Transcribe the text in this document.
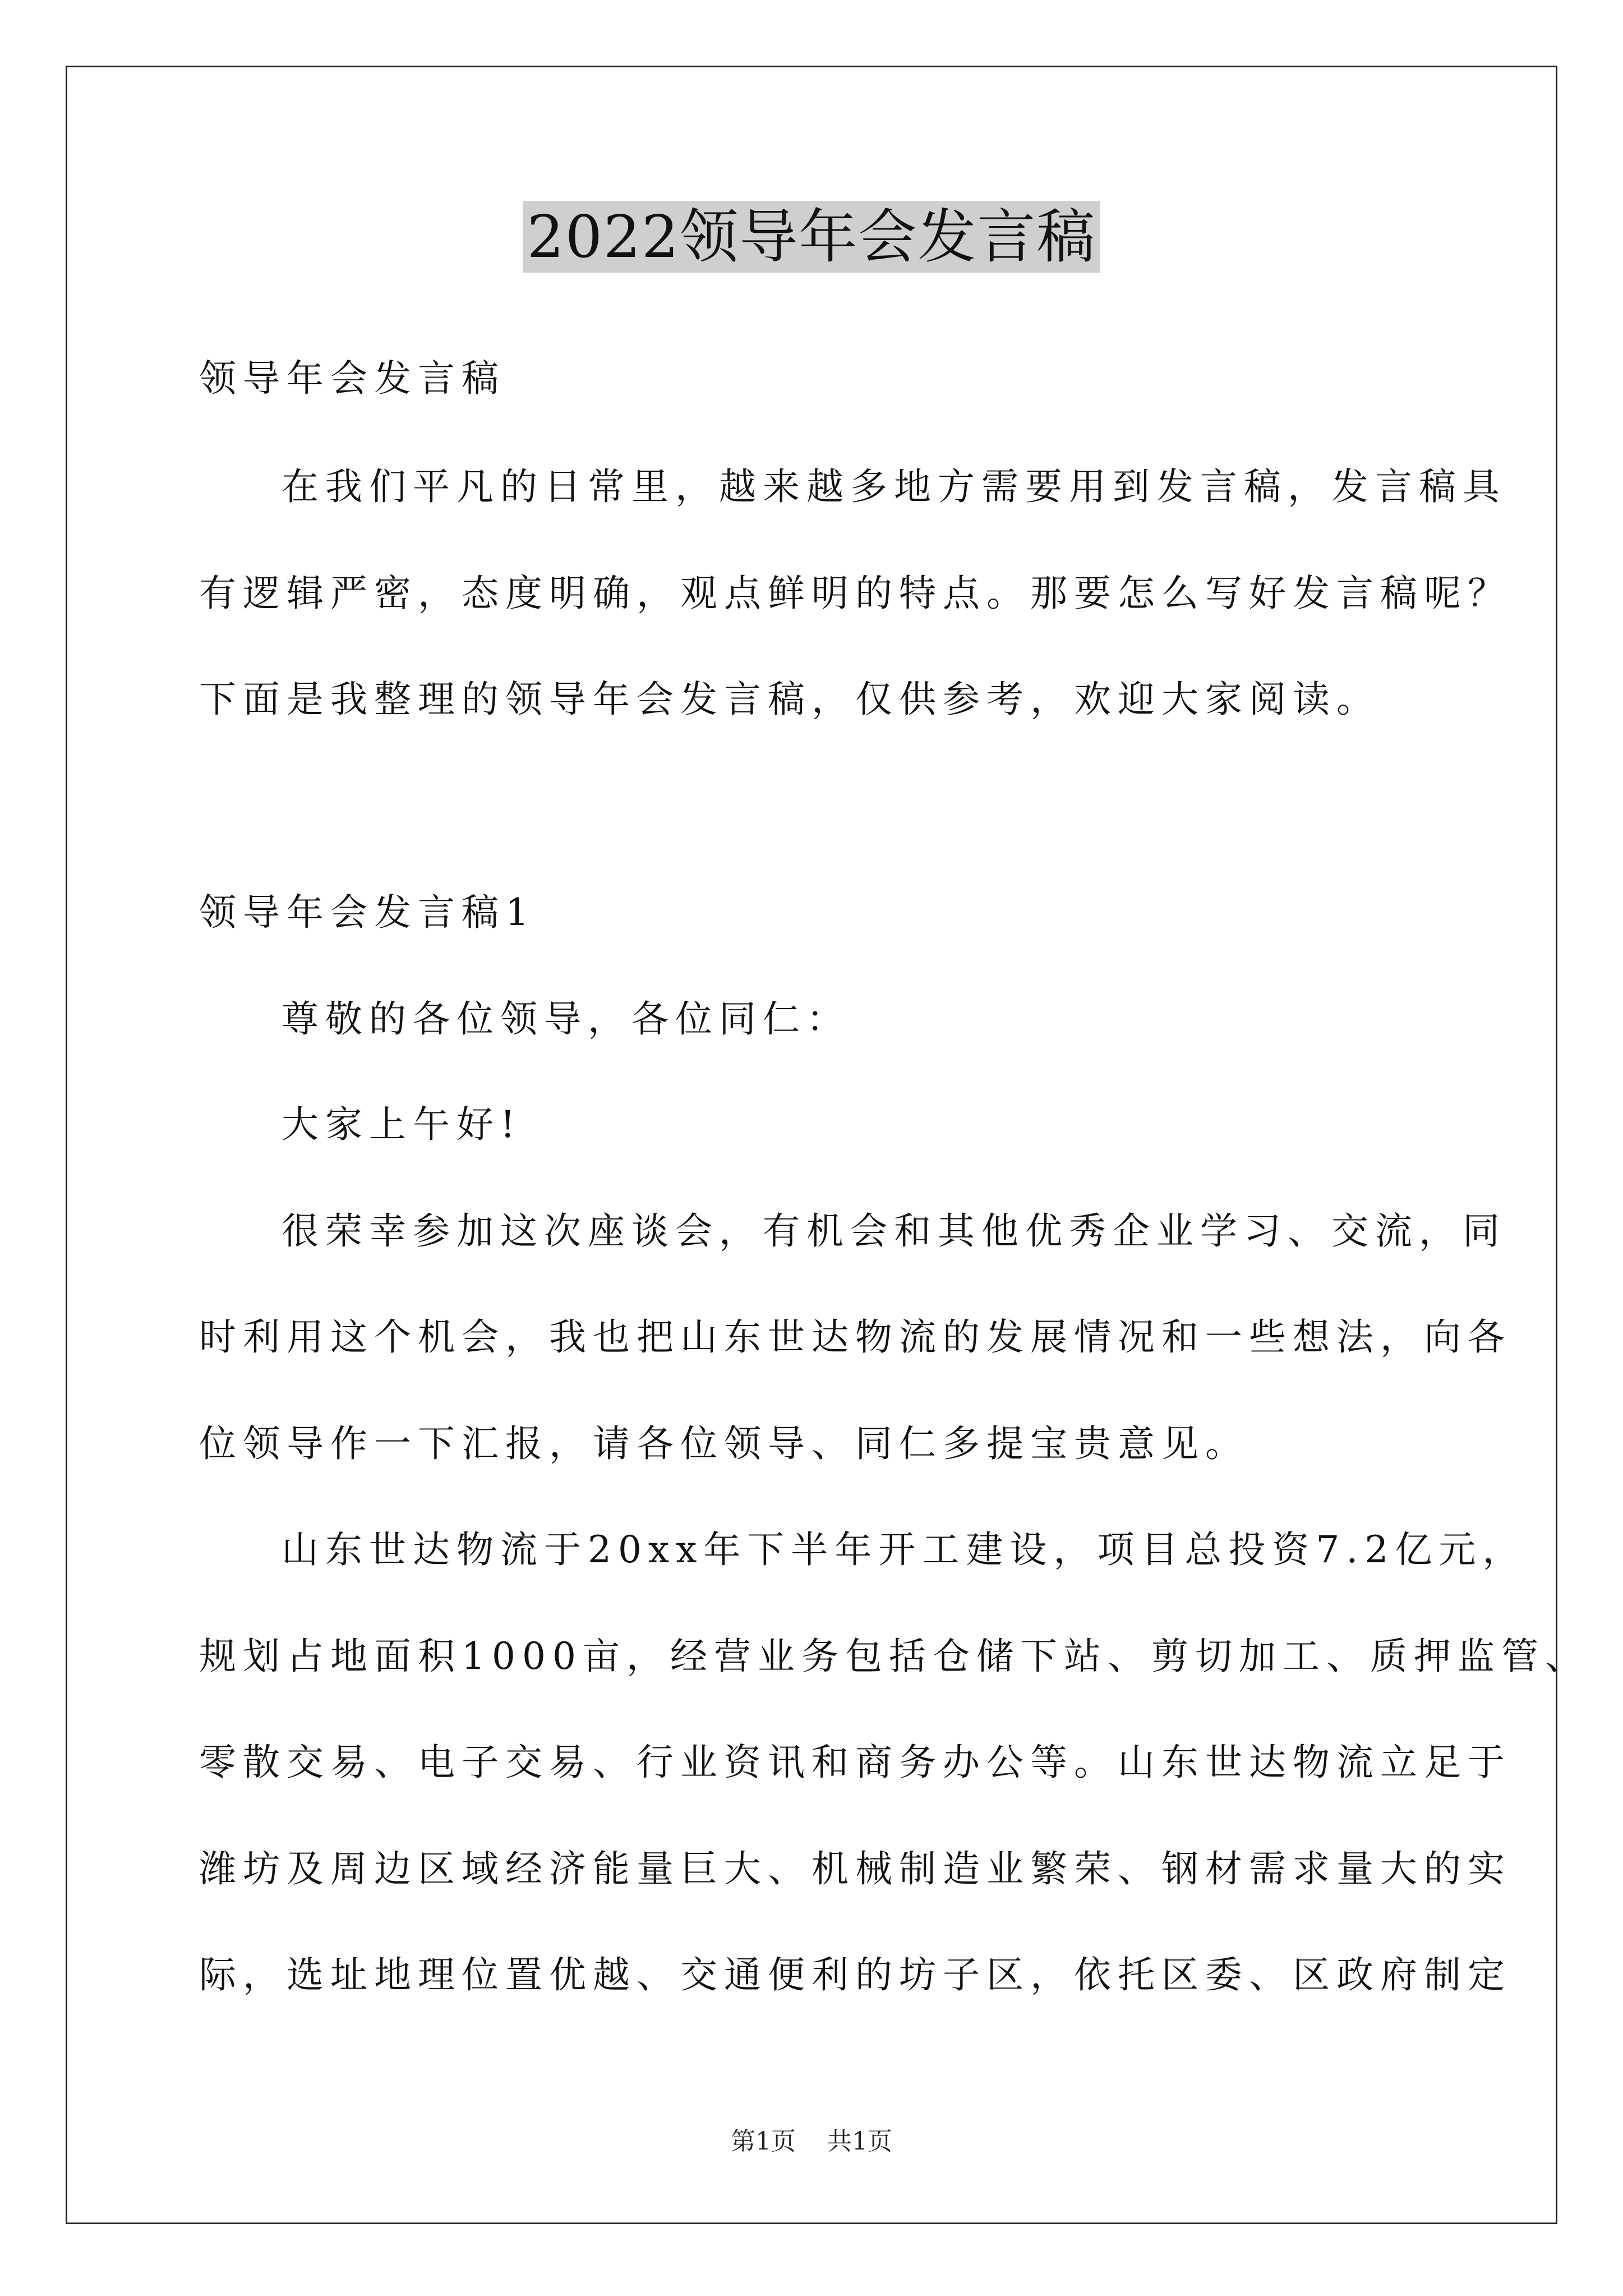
2022领导年会发言稿
领导年会发言稿
在我们平凡的日常里，越来越多地方需要用到发言稿，发言稿具
有逻辑严密，态度明确，观点鲜明的特点。那要怎么写好发言稿呢？
下面是我整理的领导年会发言稿，仅供参考，欢迎大家阅读。
领导年会发言稿1
尊敬的各位领导，各位同仁：
大家上午好!
很荣幸参加这次座谈会，有机会和其他优秀企业学习、交流，同
时利用这个机会，我也把山东世达物流的发展情况和一些想法，向各
位领导作一下汇报，请各位领导、同仁多提宝贵意见。
山东世达物流于20xx年下半年开工建设，项目总投资7.2亿元，
规划占地面积1000亩，经营业务包括仓储下站、剪切加工、质押监管、
零散交易、电子交易、行业资讯和商务办公等。山东世达物流立足于
潍坊及周边区域经济能量巨大、机械制造业繁荣、钢材需求量大的实
际，选址地理位置优越、交通便利的坊子区，依托区委、区政府制定
第1页 共1页
